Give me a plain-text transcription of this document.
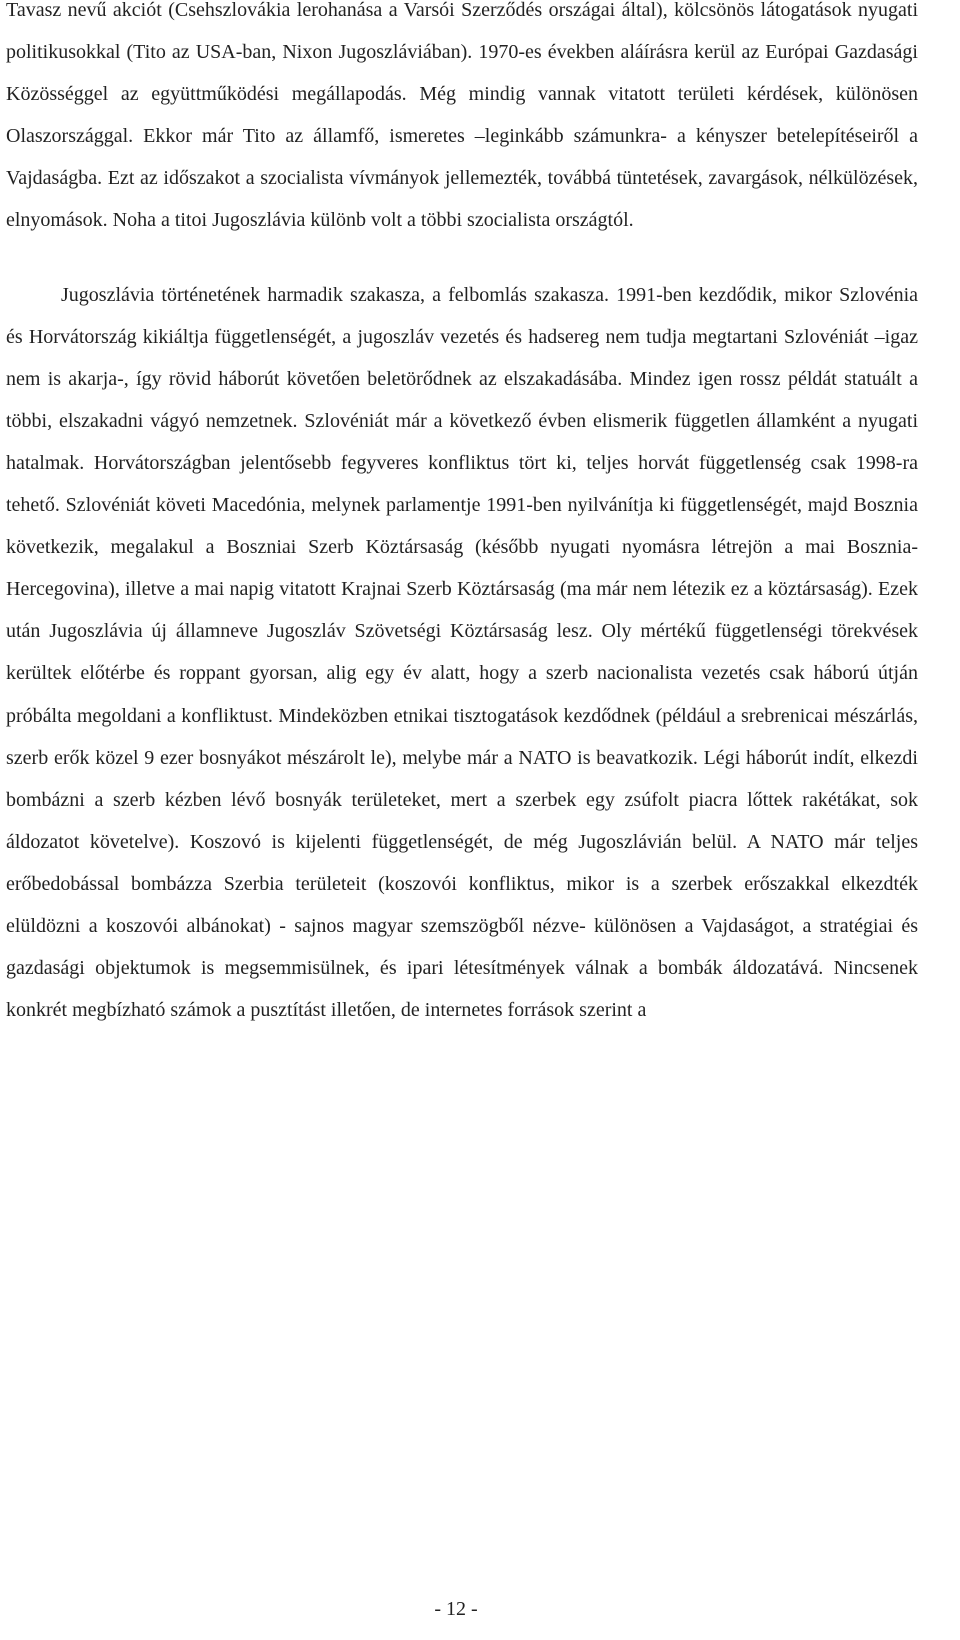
Tavasz nevű akciót (Csehszlovákia lerohanása a Varsói Szerződés országai által), kölcsönös látogatások nyugati politikusokkal (Tito az USA-ban, Nixon Jugoszláviában). 1970-es években aláírásra kerül az Európai Gazdasági Közösséggel az együttműködési megállapodás. Még mindig vannak vitatott területi kérdések, különösen Olaszországgal. Ekkor már Tito az államfő, ismeretes –leginkább számunkra- a kényszer betelepítéseiről a Vajdaságba. Ezt az időszakot a szocialista vívmányok jellemezték, továbbá tüntetések, zavargások, nélkülözések, elnyomások. Noha a titoi Jugoszlávia különb volt a többi szocialista országtól.

Jugoszlávia történetének harmadik szakasza, a felbomlás szakasza. 1991-ben kezdődik, mikor Szlovénia és Horvátország kikiáltja függetlenségét, a jugoszláv vezetés és hadsereg nem tudja megtartani Szlovéniát –igaz nem is akarja-, így rövid háborút követően beletörődnek az elszakadásába. Mindez igen rossz példát statuált a többi, elszakadni vágyó nemzetnek. Szlovéniát már a következő évben elismerik független államként a nyugati hatalmak. Horvátországban jelentősebb fegyveres konfliktus tört ki, teljes horvát függetlenség csak 1998-ra tehető. Szlovéniát követi Macedónia, melynek parlamentje 1991-ben nyilvánítja ki függetlenségét, majd Bosznia következik, megalakul a Boszniai Szerb Köztársaság (később nyugati nyomásra létrejön a mai Bosznia-Hercegovina), illetve a mai napig vitatott Krajnai Szerb Köztársaság (ma már nem létezik ez a köztársaság). Ezek után Jugoszlávia új államneve Jugoszláv Szövetségi Köztársaság lesz. Oly mértékű függetlenségi törekvések kerültek előtérbe és roppant gyorsan, alig egy év alatt, hogy a szerb nacionalista vezetés csak háború útján próbálta megoldani a konfliktust. Mindeközben etnikai tisztogatások kezdődnek (például a srebrenicai mészárlás, szerb erők közel 9 ezer bosnyákot mészárolt le), melybe már a NATO is beavatkozik. Légi háborút indít, elkezdi bombázni a szerb kézben lévő bosnyák területeket, mert a szerbek egy zsúfolt piacra lőttek rakétákat, sok áldozatot követelve). Koszovó is kijelenti függetlenségét, de még Jugoszlávián belül. A NATO már teljes erőbedobással bombázza Szerbia területeit (koszovói konfliktus, mikor is a szerbek erőszakkal elkezdték elüldözni a koszovói albánokat) - sajnos magyar szemszögből nézve- különösen a Vajdaságot, a stratégiai és gazdasági objektumok is megsemmisülnek, és ipari létesítmények válnak a bombák áldozatává. Nincsenek konkrét megbízható számok a pusztítást illetően, de internetes források szerint a

- 12 -
